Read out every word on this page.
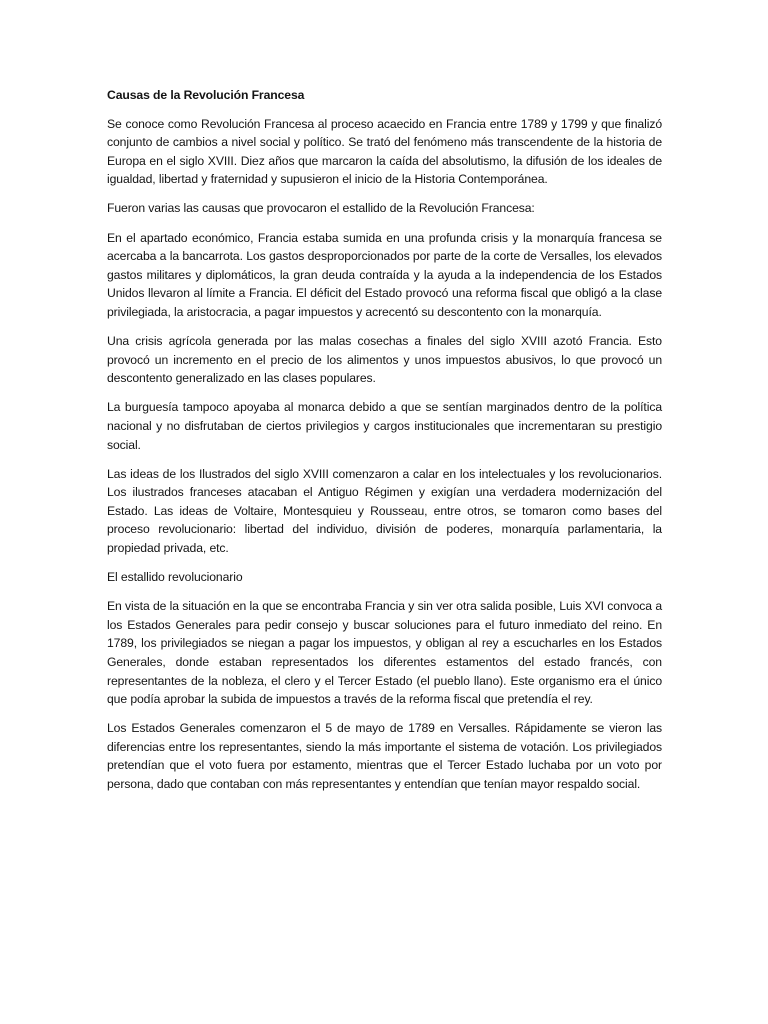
Causas de la Revolución Francesa

Se conoce como Revolución Francesa al proceso acaecido en Francia entre 1789 y 1799 y que finalizó conjunto de cambios a nivel social y político. Se trató del fenómeno más transcendente de la historia de Europa en el siglo XVIII. Diez años que marcaron la caída del absolutismo, la difusión de los ideales de igualdad, libertad y fraternidad y supusieron el inicio de la Historia Contemporánea.

Fueron varias las causas que provocaron el estallido de la Revolución Francesa:

En el apartado económico, Francia estaba sumida en una profunda crisis y la monarquía francesa se acercaba a la bancarrota. Los gastos desproporcionados por parte de la corte de Versalles, los elevados gastos militares y diplomáticos, la gran deuda contraída y la ayuda a la independencia de los Estados Unidos llevaron al límite a Francia. El déficit del Estado provocó una reforma fiscal que obligó a la clase privilegiada, la aristocracia, a pagar impuestos y acrecentó su descontento con la monarquía.

Una crisis agrícola generada por las malas cosechas a finales del siglo XVIII azotó Francia. Esto provocó un incremento en el precio de los alimentos y unos impuestos abusivos, lo que provocó un descontento generalizado en las clases populares.

La burguesía tampoco apoyaba al monarca debido a que se sentían marginados dentro de la política nacional y no disfrutaban de ciertos privilegios y cargos institucionales que incrementaran su prestigio social.

Las ideas de los Ilustrados del siglo XVIII comenzaron a calar en los intelectuales y los revolucionarios. Los ilustrados franceses atacaban el Antiguo Régimen y exigían una verdadera modernización del Estado. Las ideas de Voltaire, Montesquieu y Rousseau, entre otros, se tomaron como bases del proceso revolucionario: libertad del individuo, división de poderes, monarquía parlamentaria, la propiedad privada, etc.

El estallido revolucionario

En vista de la situación en la que se encontraba Francia y sin ver otra salida posible, Luis XVI convoca a los Estados Generales para pedir consejo y buscar soluciones para el futuro inmediato del reino. En 1789, los privilegiados se niegan a pagar los impuestos, y obligan al rey a escucharles en los Estados Generales, donde estaban representados los diferentes estamentos del estado francés, con representantes de la nobleza, el clero y el Tercer Estado (el pueblo llano). Este organismo era el único que podía aprobar la subida de impuestos a través de la reforma fiscal que pretendía el rey.

Los Estados Generales comenzaron el 5 de mayo de 1789 en Versalles. Rápidamente se vieron las diferencias entre los representantes, siendo la más importante el sistema de votación. Los privilegiados pretendían que el voto fuera por estamento, mientras que el Tercer Estado luchaba por un voto por persona, dado que contaban con más representantes y entendían que tenían mayor respaldo social.
